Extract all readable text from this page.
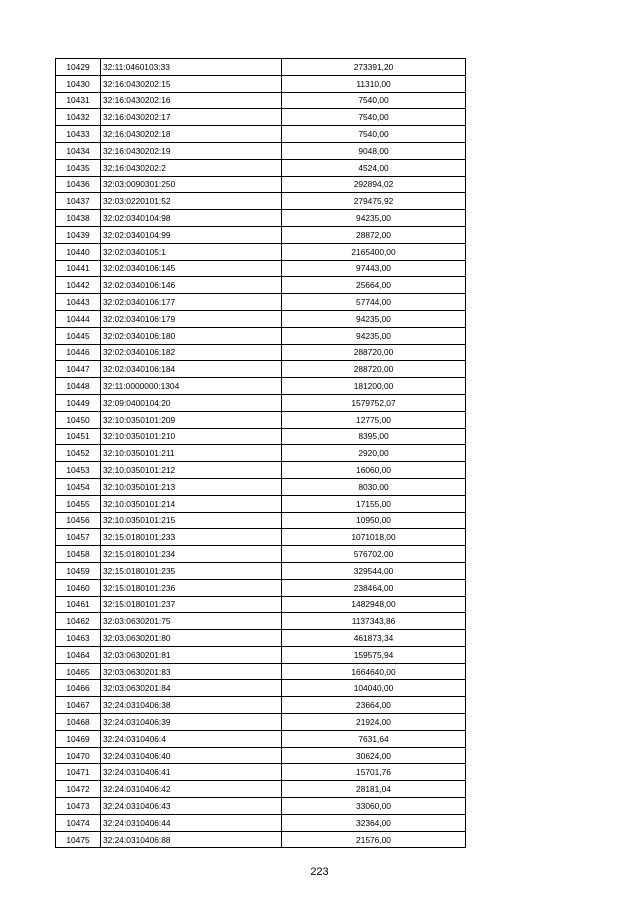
10429	32:11:0460103:33	273391,20
10430	32:16:0430202:15	11310,00
10431	32:16:0430202:16	7540,00
10432	32:16:0430202:17	7540,00
10433	32:16:0430202:18	7540,00
10434	32:16:0430202:19	9048,00
10435	32:16:0430202:2	4524,00
10436	32:03:0090301:250	292894,02
10437	32:03:0220101:52	279475,92
10438	32:02:0340104:98	94235,00
10439	32:02:0340104:99	28872,00
10440	32:02:0340105:1	2165400,00
10441	32:02:0340106:145	97443,00
10442	32:02:0340106:146	25664,00
10443	32:02:0340106:177	57744,00
10444	32:02:0340106:179	94235,00
10445	32:02:0340106:180	94235,00
10446	32:02:0340106:182	288720,00
10447	32:02:0340106:184	288720,00
10448	32:11:0000000:1304	181200,00
10449	32:09:0400104:20	1579752,07
10450	32:10:0350101:209	12775,00
10451	32:10:0350101:210	8395,00
10452	32:10:0350101:211	2920,00
10453	32:10:0350101:212	16060,00
10454	32:10:0350101:213	8030,00
10455	32:10:0350101:214	17155,00
10456	32:10:0350101:215	10950,00
10457	32:15:0180101:233	1071018,00
10458	32:15:0180101:234	576702,00
10459	32:15:0180101:235	329544,00
10460	32:15:0180101:236	238464,00
10461	32:15:0180101:237	1482948,00
10462	32:03:0630201:75	1137343,86
10463	32:03:0630201:80	461873,34
10464	32:03:0630201:81	159575,94
10465	32:03:0630201:83	1664640,00
10466	32:03:0630201:84	104040,00
10467	32:24:0310406:38	23664,00
10468	32:24:0310406:39	21924,00
10469	32:24:0310406:4	7631,64
10470	32:24:0310406:40	30624,00
10471	32:24:0310406:41	15701,76
10472	32:24:0310406:42	28181,04
10473	32:24:0310406:43	33060,00
10474	32:24:0310406:44	32364,00
10475	32:24:0310406:88	21576,00
223
